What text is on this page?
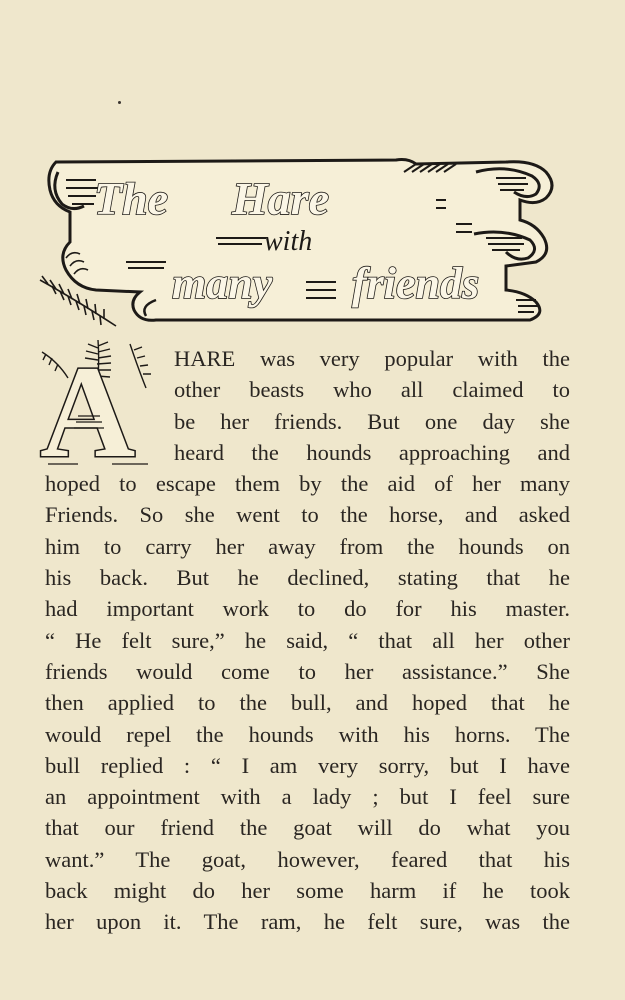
The Hare
with
many friends
A HARE was very popular with the
other beasts who all claimed to
be her friends. But one day she
heard the hounds approaching and
hoped to escape them by the aid of her many
Friends. So she went to the horse, and asked
him to carry her away from the hounds on
his back. But he declined, stating that he
had important work to do for his master.
“ He felt sure,” he said, “ that all her other
friends would come to her assistance.” She
then applied to the bull, and hoped that he
would repel the hounds with his horns. The
bull replied : “ I am very sorry, but I have
an appointment with a lady ; but I feel sure
that our friend the goat will do what you
want.” The goat, however, feared that his
back might do her some harm if he took
her upon it. The ram, he felt sure, was the
